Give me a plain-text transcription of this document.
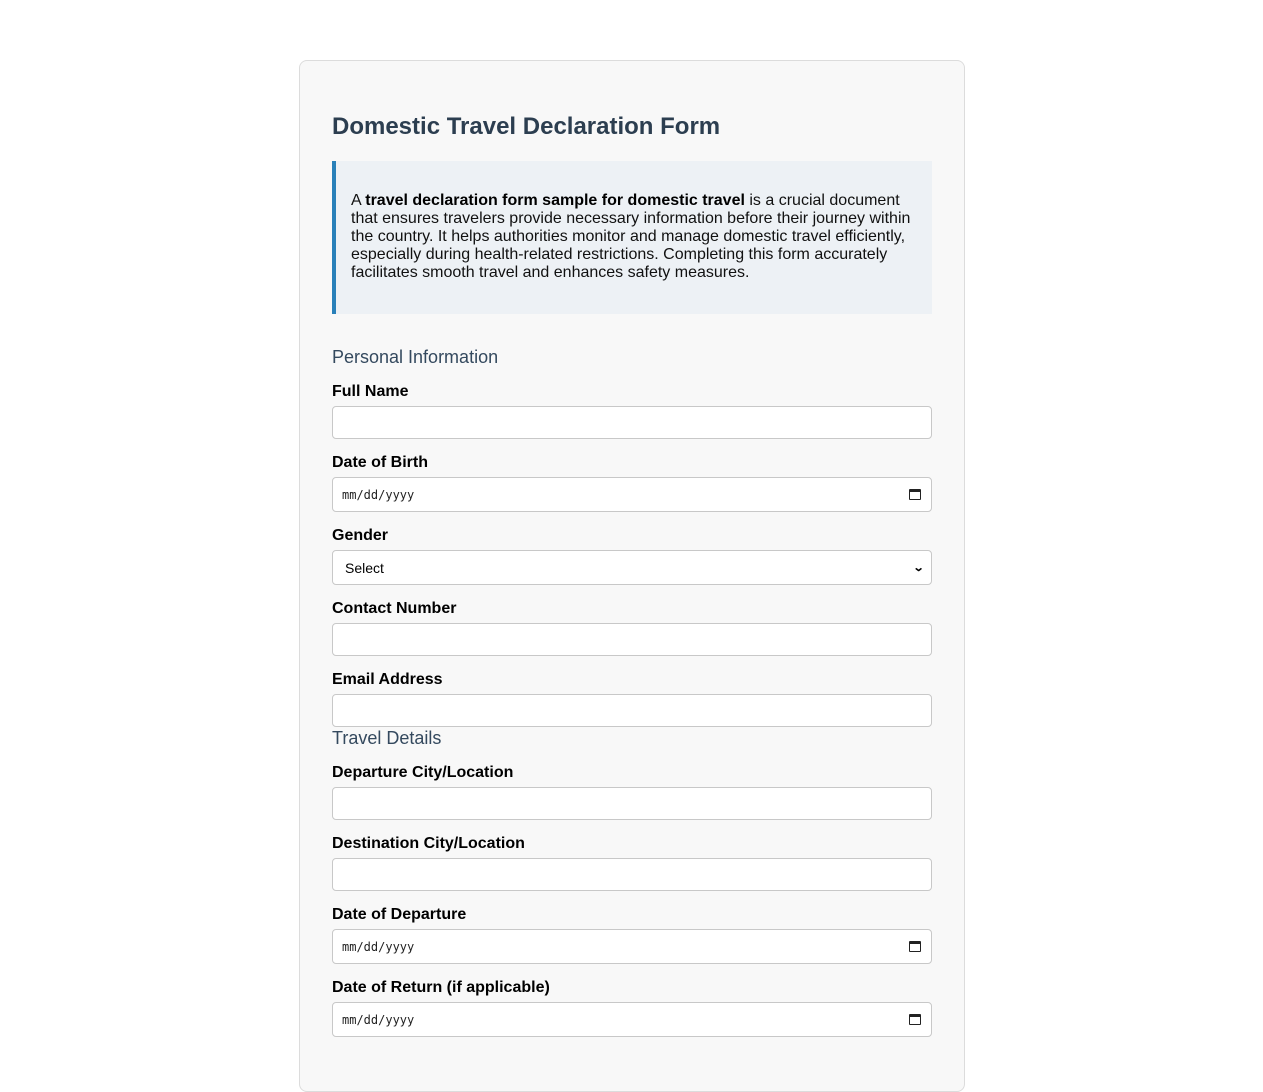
Domestic Travel Declaration Form

A travel declaration form sample for domestic travel is a crucial document that ensures travelers provide necessary information before their journey within the country. It helps authorities monitor and manage domestic travel efficiently, especially during health-related restrictions. Completing this form accurately facilitates smooth travel and enhances safety measures.

Personal Information
Full Name
Date of Birth
mm/dd/yyyy
Gender
Select	⌄
Contact Number
Email Address
Travel Details
Departure City/Location
Destination City/Location
Date of Departure
mm/dd/yyyy
Date of Return (if applicable)
mm/dd/yyyy
